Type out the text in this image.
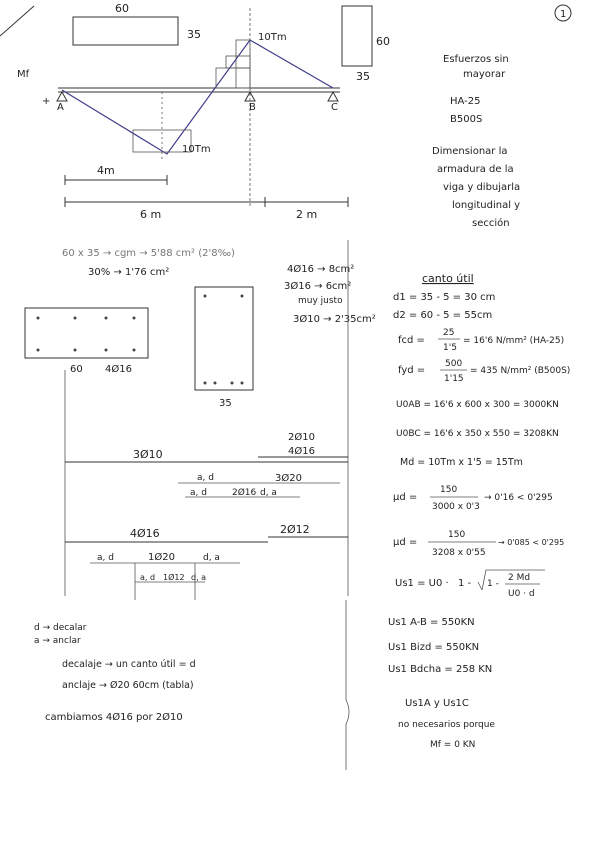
1
60
35
60
35
A	B	C
Mf
+
10Tm
10Tm
4m
6 m	2 m
Esfuerzos sin
mayorar
HA-25
B500S
Dimensionar la
armadura de la
viga y dibujarla
longitudinal y
sección
60 x 35 → cgm → 5'88 cm² (2'8‰)
30% → 1'76 cm²	4Ø16 → 8cm²
3Ø16 → 6cm²
muy justo
3Ø10 → 2'35cm²
60 4Ø16
35
3Ø10
2Ø10
4Ø16
a, d	3Ø20
a, d	d, a
2Ø16
4Ø16	2Ø12
a, d	1Ø20	d, a
a, d 1Ø12 d, a
canto útil
d1 = 35 - 5 = 30 cm
d2 = 60 - 5 = 55cm
fcd =
25
1'5
= 16'6 N/mm² (HA-25)
fyd =
500
1'15
= 435 N/mm² (B500S)
U0AB = 16'6 x 600 x 300 = 3000KN
U0BC = 16'6 x 350 x 550 = 3208KN
Md = 10Tm x 1'5 = 15Tm
μd =
150
3000 x 0'3
→ 0'16 < 0'295
μd =
150
3208 x 0'55
→ 0'085 < 0'295
Us1 = U0 · 1 - 1 -
2 Md
U0 · d
Us1 A-B = 550KN
Us1 Bizd = 550KN
Us1 Bdcha = 258 KN
Us1A y Us1C
no necesarios porque
Mf = 0 KN
d → decalar
a → anclar
decalaje → un canto útil = d
anclaje → Ø20 60cm (tabla)
cambiamos 4Ø16 por 2Ø10
